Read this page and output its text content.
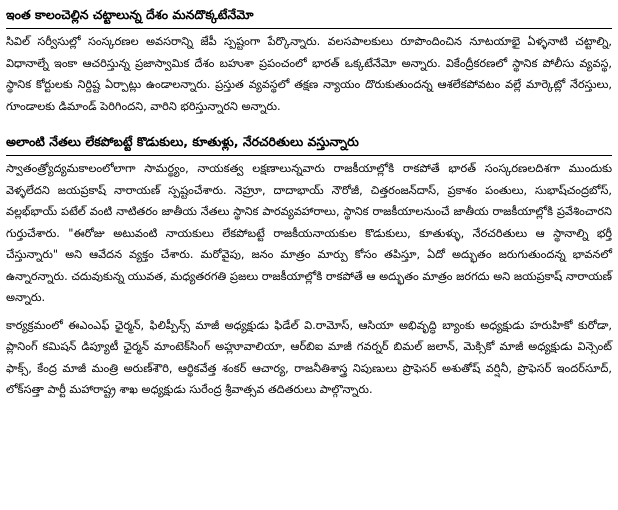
ఇంత కాలంచెల్లిన చట్టాలున్న దేశం మనదొక్కటేనేమో

సివిల్ సర్వీసుల్లో సంస్కరణల అవసరాన్ని జేపీ స్పష్టంగా పేర్కొన్నారు. వలసపాలకులు రూపొందించిన నూటయాభై ఏళ్ళనాటి చట్టాల్ని, విధానాల్నే ఇంకా ఆచరిస్తున్న ప్రజాస్వామిక దేశం బహుశా ప్రపంచంలో భారత్ ఒక్కటేనేమో అన్నారు. వికేంద్రీకరణలో స్థానిక పోలీసు వ్యవస్థ, స్థానిక కోర్టులకు నిర్దిష్ట ఏర్పాట్లు ఉండాలన్నారు. ప్రస్తుత వ్యవస్థలో తక్షణ న్యాయం దొరుకుతుందన్న ఆశలేకపోవటం వల్లే మార్కెట్లో నేరస్తులు, గూండాలకు డిమాండ్ పెరిగిందని, వారిని భరిస్తున్నారని అన్నారు.

అలాంటి నేతలు లేకపోబట్టే కొడుకులు, కూతుళ్లు, నేరచరితులు వస్తున్నారు

స్వాతంత్ర్యోద్యమకాలంలోలాగా సామర్థ్యం, నాయకత్వ లక్షణాలున్నవారు రాజకీయాల్లోకి రాకపోతే భారత్ సంస్కరణలదిశగా ముందుకు వెళ్ళలేదని జయప్రకాష్ నారాయణ్ స్పష్టంచేశారు. నెహ్రూ, దాదాభాయ్ నౌరోజీ, చిత్తరంజన్‌దాస్, ప్రకాశం పంతులు, సుభాష్‌చంద్రబోస్, వల్లభ్‌భాయ్ పటేల్ వంటి నాటితరం జాతీయ నేతలు స్థానిక పారవ్యవహారాలు, స్థానిక రాజకీయాలనుంచే జాతీయ రాజకీయాల్లోకి ప్రవేశించారని గుర్తుచేశారు. "ఈరోజు అటువంటి నాయకులు లేకపోబట్టే రాజకీయనాయకుల కొడుకులు, కూతుళ్ళు, నేరచరితులు ఆ స్థానాల్ని భర్తీ చేస్తున్నారు" అని ఆవేదన వ్యక్తం చేశారు. మరోవైపు, జనం మాత్రం మార్పు కోసం తపిస్తూ, ఏదో అద్భుతం జరుగుతుందన్న భావనలో ఉన్నారన్నారు. చదువుకున్న యువత, మధ్యతరగతి ప్రజలు రాజకీయాల్లోకి రాకపోతే ఆ అద్భుతం మాత్రం జరగదు అని జయప్రకాష్ నారాయణ్ అన్నారు.

కార్యక్రమంలో ఈఎంఎఫ్ ఛైర్మన్, ఫిలిప్పీన్స్ మాజీ అధ్యక్షుడు ఫిడేల్ వి.రామోస్, ఆసియా అభివృద్ధి బ్యాంకు అధ్యక్షుడు హరుహికో కురోడా, ప్లానింగ్ కమిషన్ డిప్యూటీ ఛైర్మన్ మాంటెక్‌సింగ్ అహ్లూవాలియా, ఆర్‌బిఐ మాజీ గవర్నర్ బిమల్ జలాన్, మెక్సికో మాజీ అధ్యక్షుడు విన్సెంట్ ఫాక్స్, కేంద్ర మాజీ మంత్రి అరుణ్‌శౌరి, ఆర్థికవేత్త శంకర్ ఆచార్య, రాజనీతిశాస్త్ర నిపుణులు ప్రొఫెసర్ అశుతోష్ వర్షినీ, ప్రొఫెసర్ ఇందర్‌సూద్, లోక్‌సత్తా పార్టీ మహారాష్ట్ర శాఖ అధ్యక్షుడు సురేంద్ర శ్రీవాత్సవ తదితరులు పాల్గొన్నారు.
